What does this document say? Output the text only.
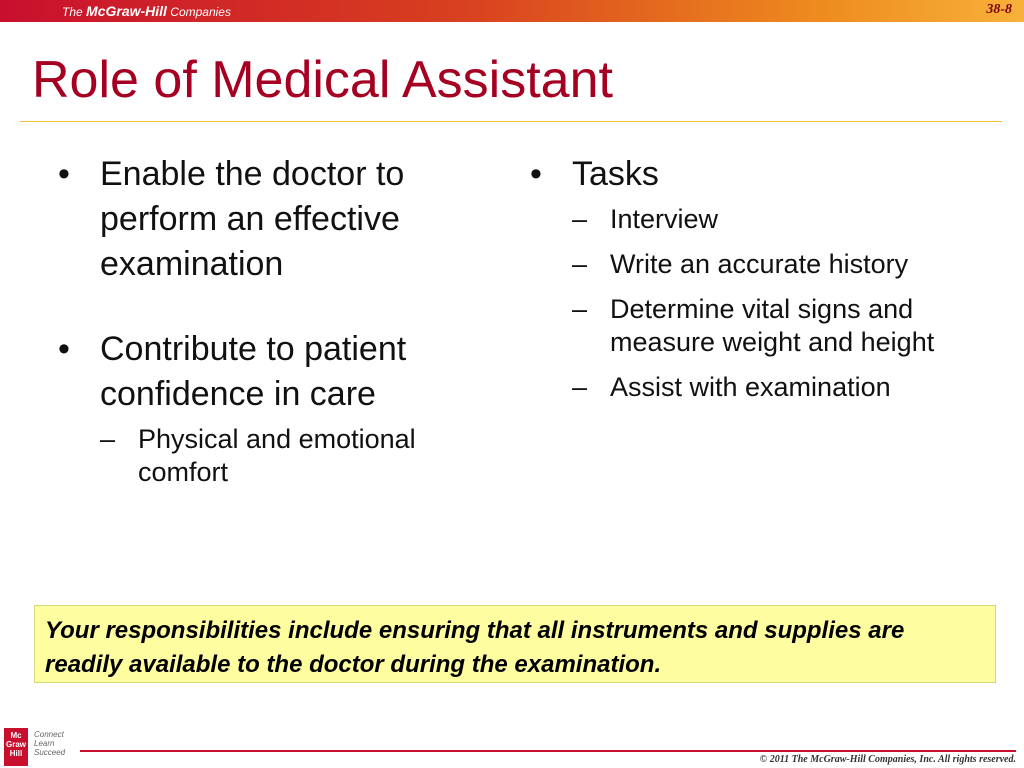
The McGraw-Hill Companies	38-8
Role of Medical Assistant
• Enable the doctor to perform an effective examination
• Contribute to patient confidence in care
– Physical and emotional comfort
• Tasks
– Interview
– Write an accurate history
– Determine vital signs and measure weight and height
– Assist with examination
Your responsibilities include ensuring that all instruments and supplies are readily available to the doctor during the examination.
Mc
Graw
Hill
Connect
Learn
Succeed
© 2011 The McGraw-Hill Companies, Inc. All rights reserved.
